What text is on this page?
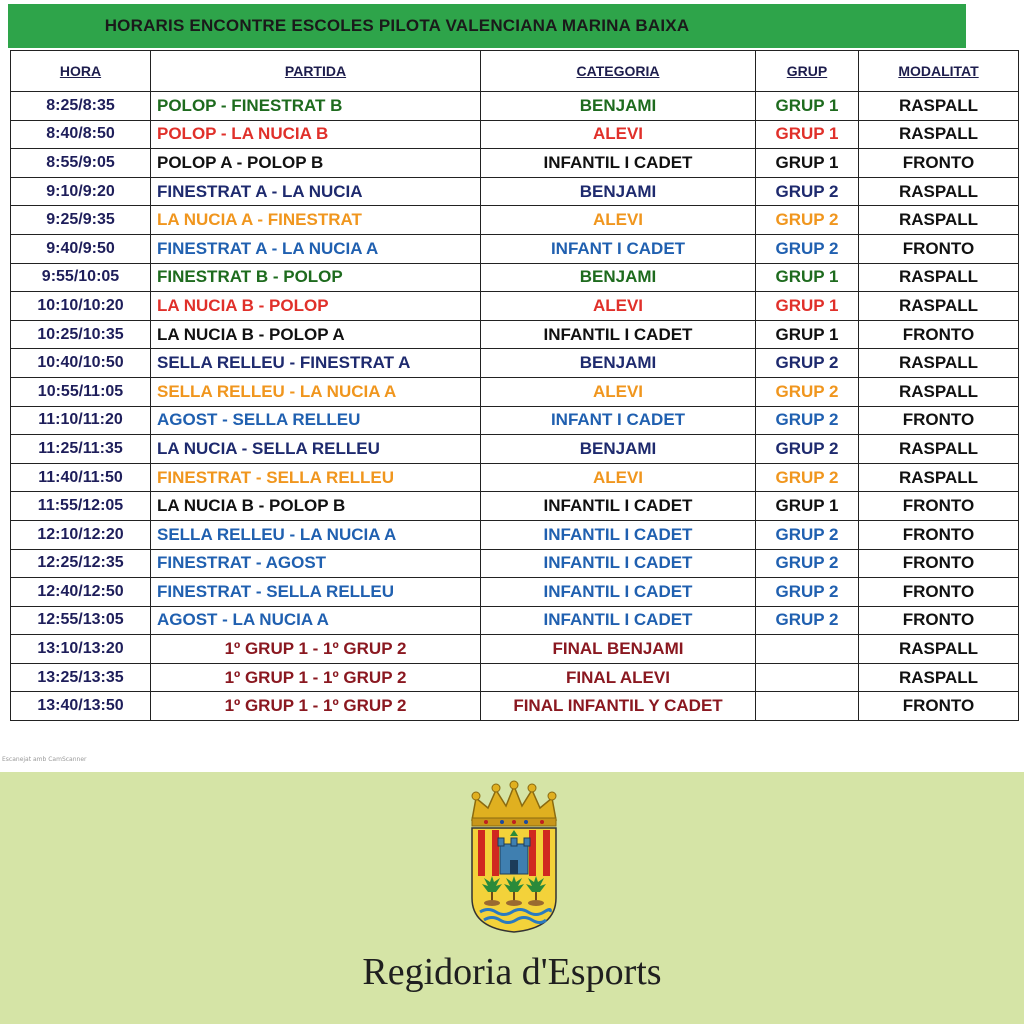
HORARIS ENCONTRE ESCOLES PILOTA VALENCIANA MARINA BAIXA
HORA	PARTIDA	CATEGORIA	GRUP	MODALITAT
8:25/8:35	POLOP - FINESTRAT B	BENJAMI	GRUP 1	RASPALL
8:40/8:50	POLOP - LA NUCIA B	ALEVI	GRUP 1	RASPALL
8:55/9:05	POLOP A - POLOP B	INFANTIL I CADET	GRUP 1	FRONTO
9:10/9:20	FINESTRAT A - LA NUCIA	BENJAMI	GRUP 2	RASPALL
9:25/9:35	LA NUCIA A - FINESTRAT	ALEVI	GRUP 2	RASPALL
9:40/9:50	FINESTRAT A - LA NUCIA A	INFANT I CADET	GRUP 2	FRONTO
9:55/10:05	FINESTRAT B - POLOP	BENJAMI	GRUP 1	RASPALL
10:10/10:20	LA NUCIA B - POLOP	ALEVI	GRUP 1	RASPALL
10:25/10:35	LA NUCIA B - POLOP A	INFANTIL I CADET	GRUP 1	FRONTO
10:40/10:50	SELLA RELLEU - FINESTRAT A	BENJAMI	GRUP 2	RASPALL
10:55/11:05	SELLA RELLEU - LA NUCIA A	ALEVI	GRUP 2	RASPALL
11:10/11:20	AGOST - SELLA RELLEU	INFANT I CADET	GRUP 2	FRONTO
11:25/11:35	LA NUCIA - SELLA RELLEU	BENJAMI	GRUP 2	RASPALL
11:40/11:50	FINESTRAT - SELLA RELLEU	ALEVI	GRUP 2	RASPALL
11:55/12:05	LA NUCIA B - POLOP B	INFANTIL I CADET	GRUP 1	FRONTO
12:10/12:20	SELLA RELLEU - LA NUCIA A	INFANTIL I CADET	GRUP 2	FRONTO
12:25/12:35	FINESTRAT - AGOST	INFANTIL I CADET	GRUP 2	FRONTO
12:40/12:50	FINESTRAT - SELLA RELLEU	INFANTIL I CADET	GRUP 2	FRONTO
12:55/13:05	AGOST - LA NUCIA A	INFANTIL I CADET	GRUP 2	FRONTO
13:10/13:20	1º GRUP 1 - 1º GRUP 2	FINAL BENJAMI		RASPALL
13:25/13:35	1º GRUP 1 - 1º GRUP 2	FINAL ALEVI		RASPALL
13:40/13:50	1º GRUP 1 - 1º GRUP 2	FINAL INFANTIL Y CADET		FRONTO
Escanejat amb CamScanner
Regidoria d'Esports
